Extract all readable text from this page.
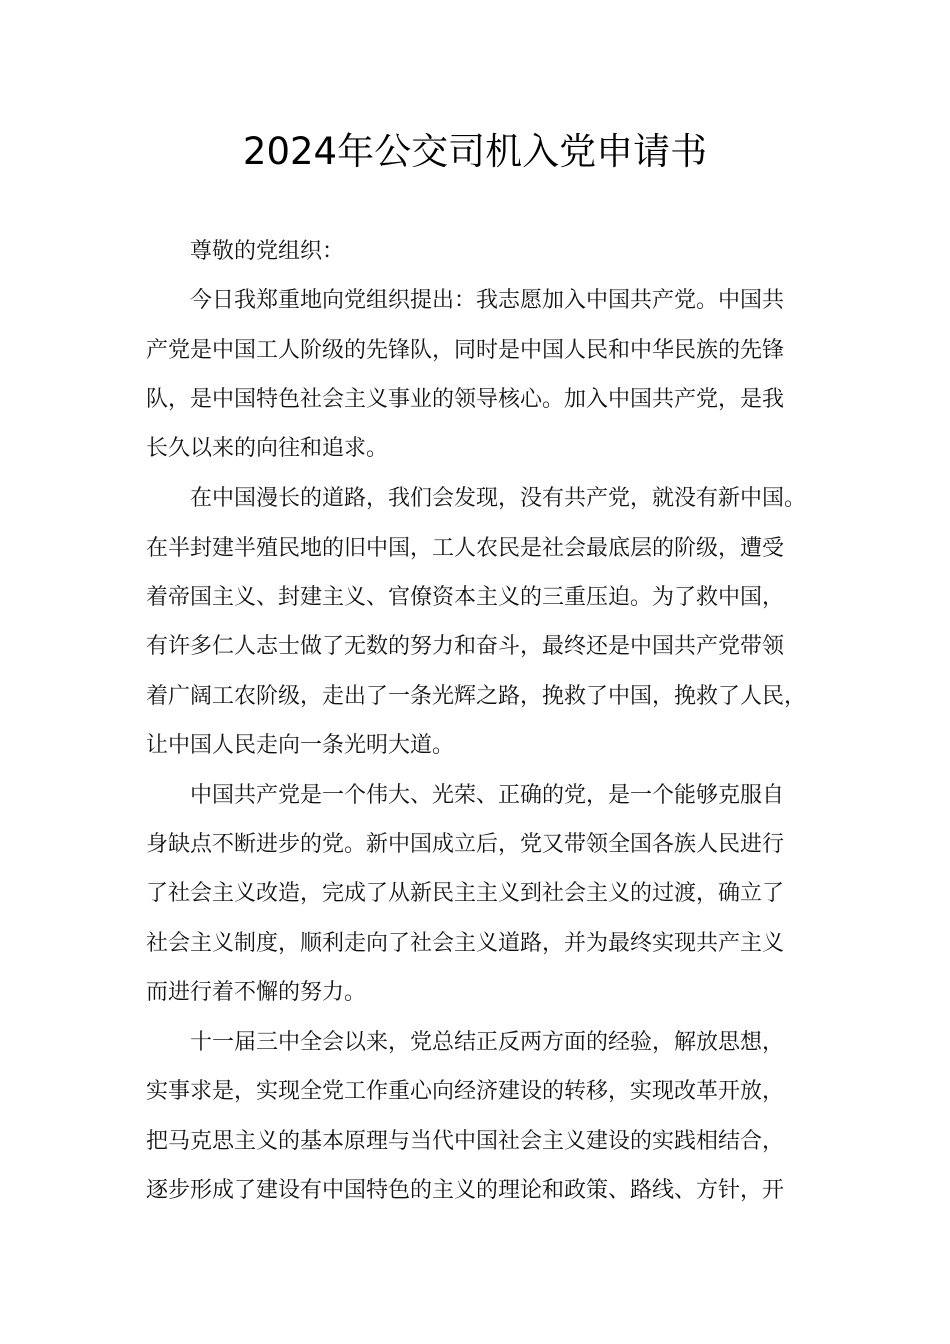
2024年公交司机入党申请书

尊敬的党组织：

今日我郑重地向党组织提出：我志愿加入中国共产党。中国共

产党是中国工人阶级的先锋队，同时是中国人民和中华民族的先锋

队，是中国特色社会主义事业的领导核心。加入中国共产党，是我

长久以来的向往和追求。

在中国漫长的道路，我们会发现，没有共产党，就没有新中国。

在半封建半殖民地的旧中国，工人农民是社会最底层的阶级，遭受

着帝国主义、封建主义、官僚资本主义的三重压迫。为了救中国，

有许多仁人志士做了无数的努力和奋斗，最终还是中国共产党带领

着广阔工农阶级，走出了一条光辉之路，挽救了中国，挽救了人民，

让中国人民走向一条光明大道。

中国共产党是一个伟大、光荣、正确的党，是一个能够克服自

身缺点不断进步的党。新中国成立后，党又带领全国各族人民进行

了社会主义改造，完成了从新民主主义到社会主义的过渡，确立了

社会主义制度，顺利走向了社会主义道路，并为最终实现共产主义

而进行着不懈的努力。

十一届三中全会以来，党总结正反两方面的经验，解放思想，

实事求是，实现全党工作重心向经济建设的转移，实现改革开放，

把马克思主义的基本原理与当代中国社会主义建设的实践相结合，

逐步形成了建设有中国特色的主义的理论和政策、路线、方针，开
